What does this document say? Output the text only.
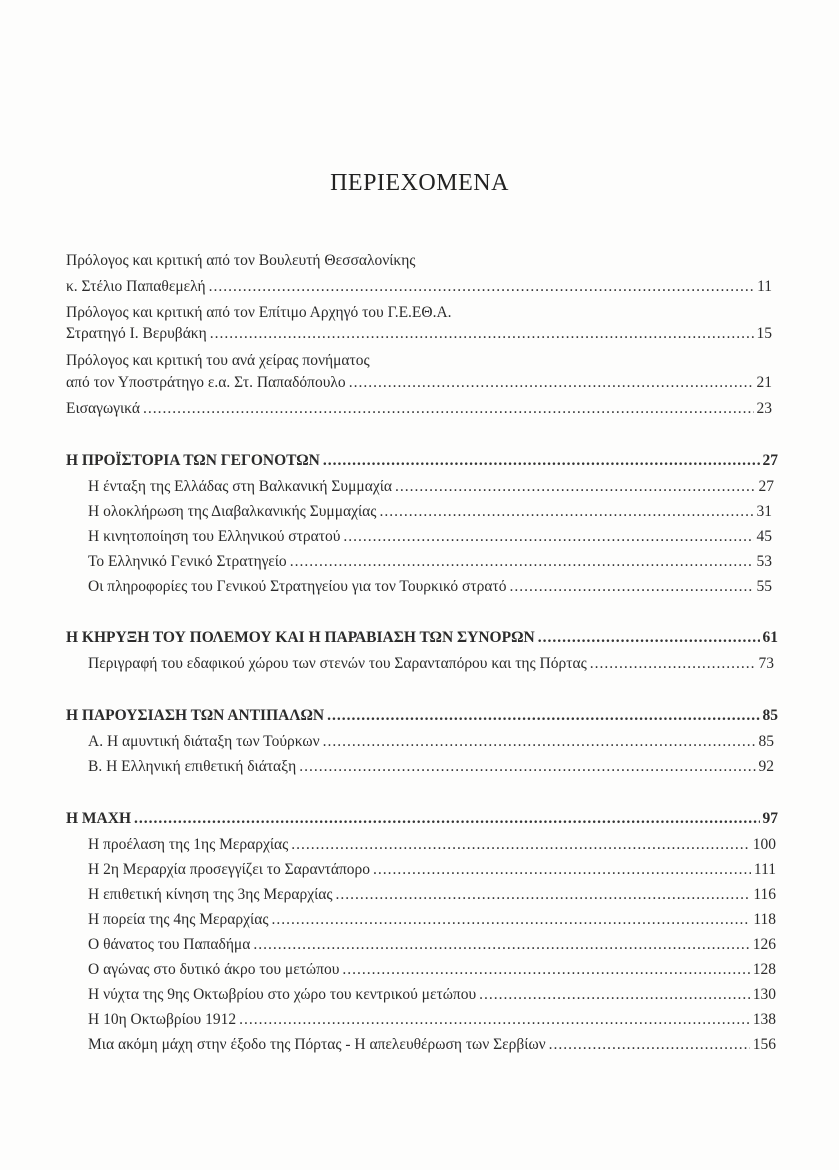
ΠΕΡΙΕΧΟΜΕΝΑ
Πρόλογος και κριτική από τον Βουλευτή Θεσσαλονίκης
κ. Στέλιο Παπαθεμελή .....	11
Πρόλογος και κριτική από τον Επίτιμο Αρχηγό του Γ.Ε.ΕΘ.Α.
Στρατηγό Ι. Βερυβάκη .....	15
Πρόλογος και κριτική του ανά χείρας πονήματος
από τον Υποστράτηγο ε.α. Στ. Παπαδόπουλο .....	21
Εισαγωγικά .....	23
Η ΠΡΟΪΣΤΟΡΙΑ ΤΩΝ ΓΕΓΟΝΟΤΩΝ .....	27
Η ένταξη της Ελλάδας στη Βαλκανική Συμμαχία .....	27
Η ολοκλήρωση της Διαβαλκανικής Συμμαχίας .....	31
Η κινητοποίηση του Ελληνικού στρατού .....	45
Το Ελληνικό Γενικό Στρατηγείο .....	53
Οι πληροφορίες του Γενικού Στρατηγείου για τον Τουρκικό στρατό .....	55
Η ΚΗΡΥΞΗ ΤΟΥ ΠΟΛΕΜΟΥ ΚΑΙ Η ΠΑΡΑΒΙΑΣΗ ΤΩΝ ΣΥΝΟΡΩΝ .....	61
Περιγραφή του εδαφικού χώρου των στενών του Σαρανταπόρου και της Πόρτας .....	73
Η ΠΑΡΟΥΣΙΑΣΗ ΤΩΝ ΑΝΤΙΠΑΛΩΝ .....	85
Α. Η αμυντική διάταξη των Τούρκων .....	85
Β. Η Ελληνική επιθετική διάταξη .....	92
Η ΜΑΧΗ .....	97
Η προέλαση της 1ης Μεραρχίας .....	100
Η 2η Μεραρχία προσεγγίζει το Σαραντάπορο .....	111
Η επιθετική κίνηση της 3ης Μεραρχίας .....	116
Η πορεία της 4ης Μεραρχίας .....	118
Ο θάνατος του Παπαδήμα .....	126
Ο αγώνας στο δυτικό άκρο του μετώπου .....	128
Η νύχτα της 9ης Οκτωβρίου στο χώρο του κεντρικού μετώπου .....	130
Η 10η Οκτωβρίου 1912 .....	138
Μια ακόμη μάχη στην έξοδο της Πόρτας - Η απελευθέρωση των Σερβίων .....	156
